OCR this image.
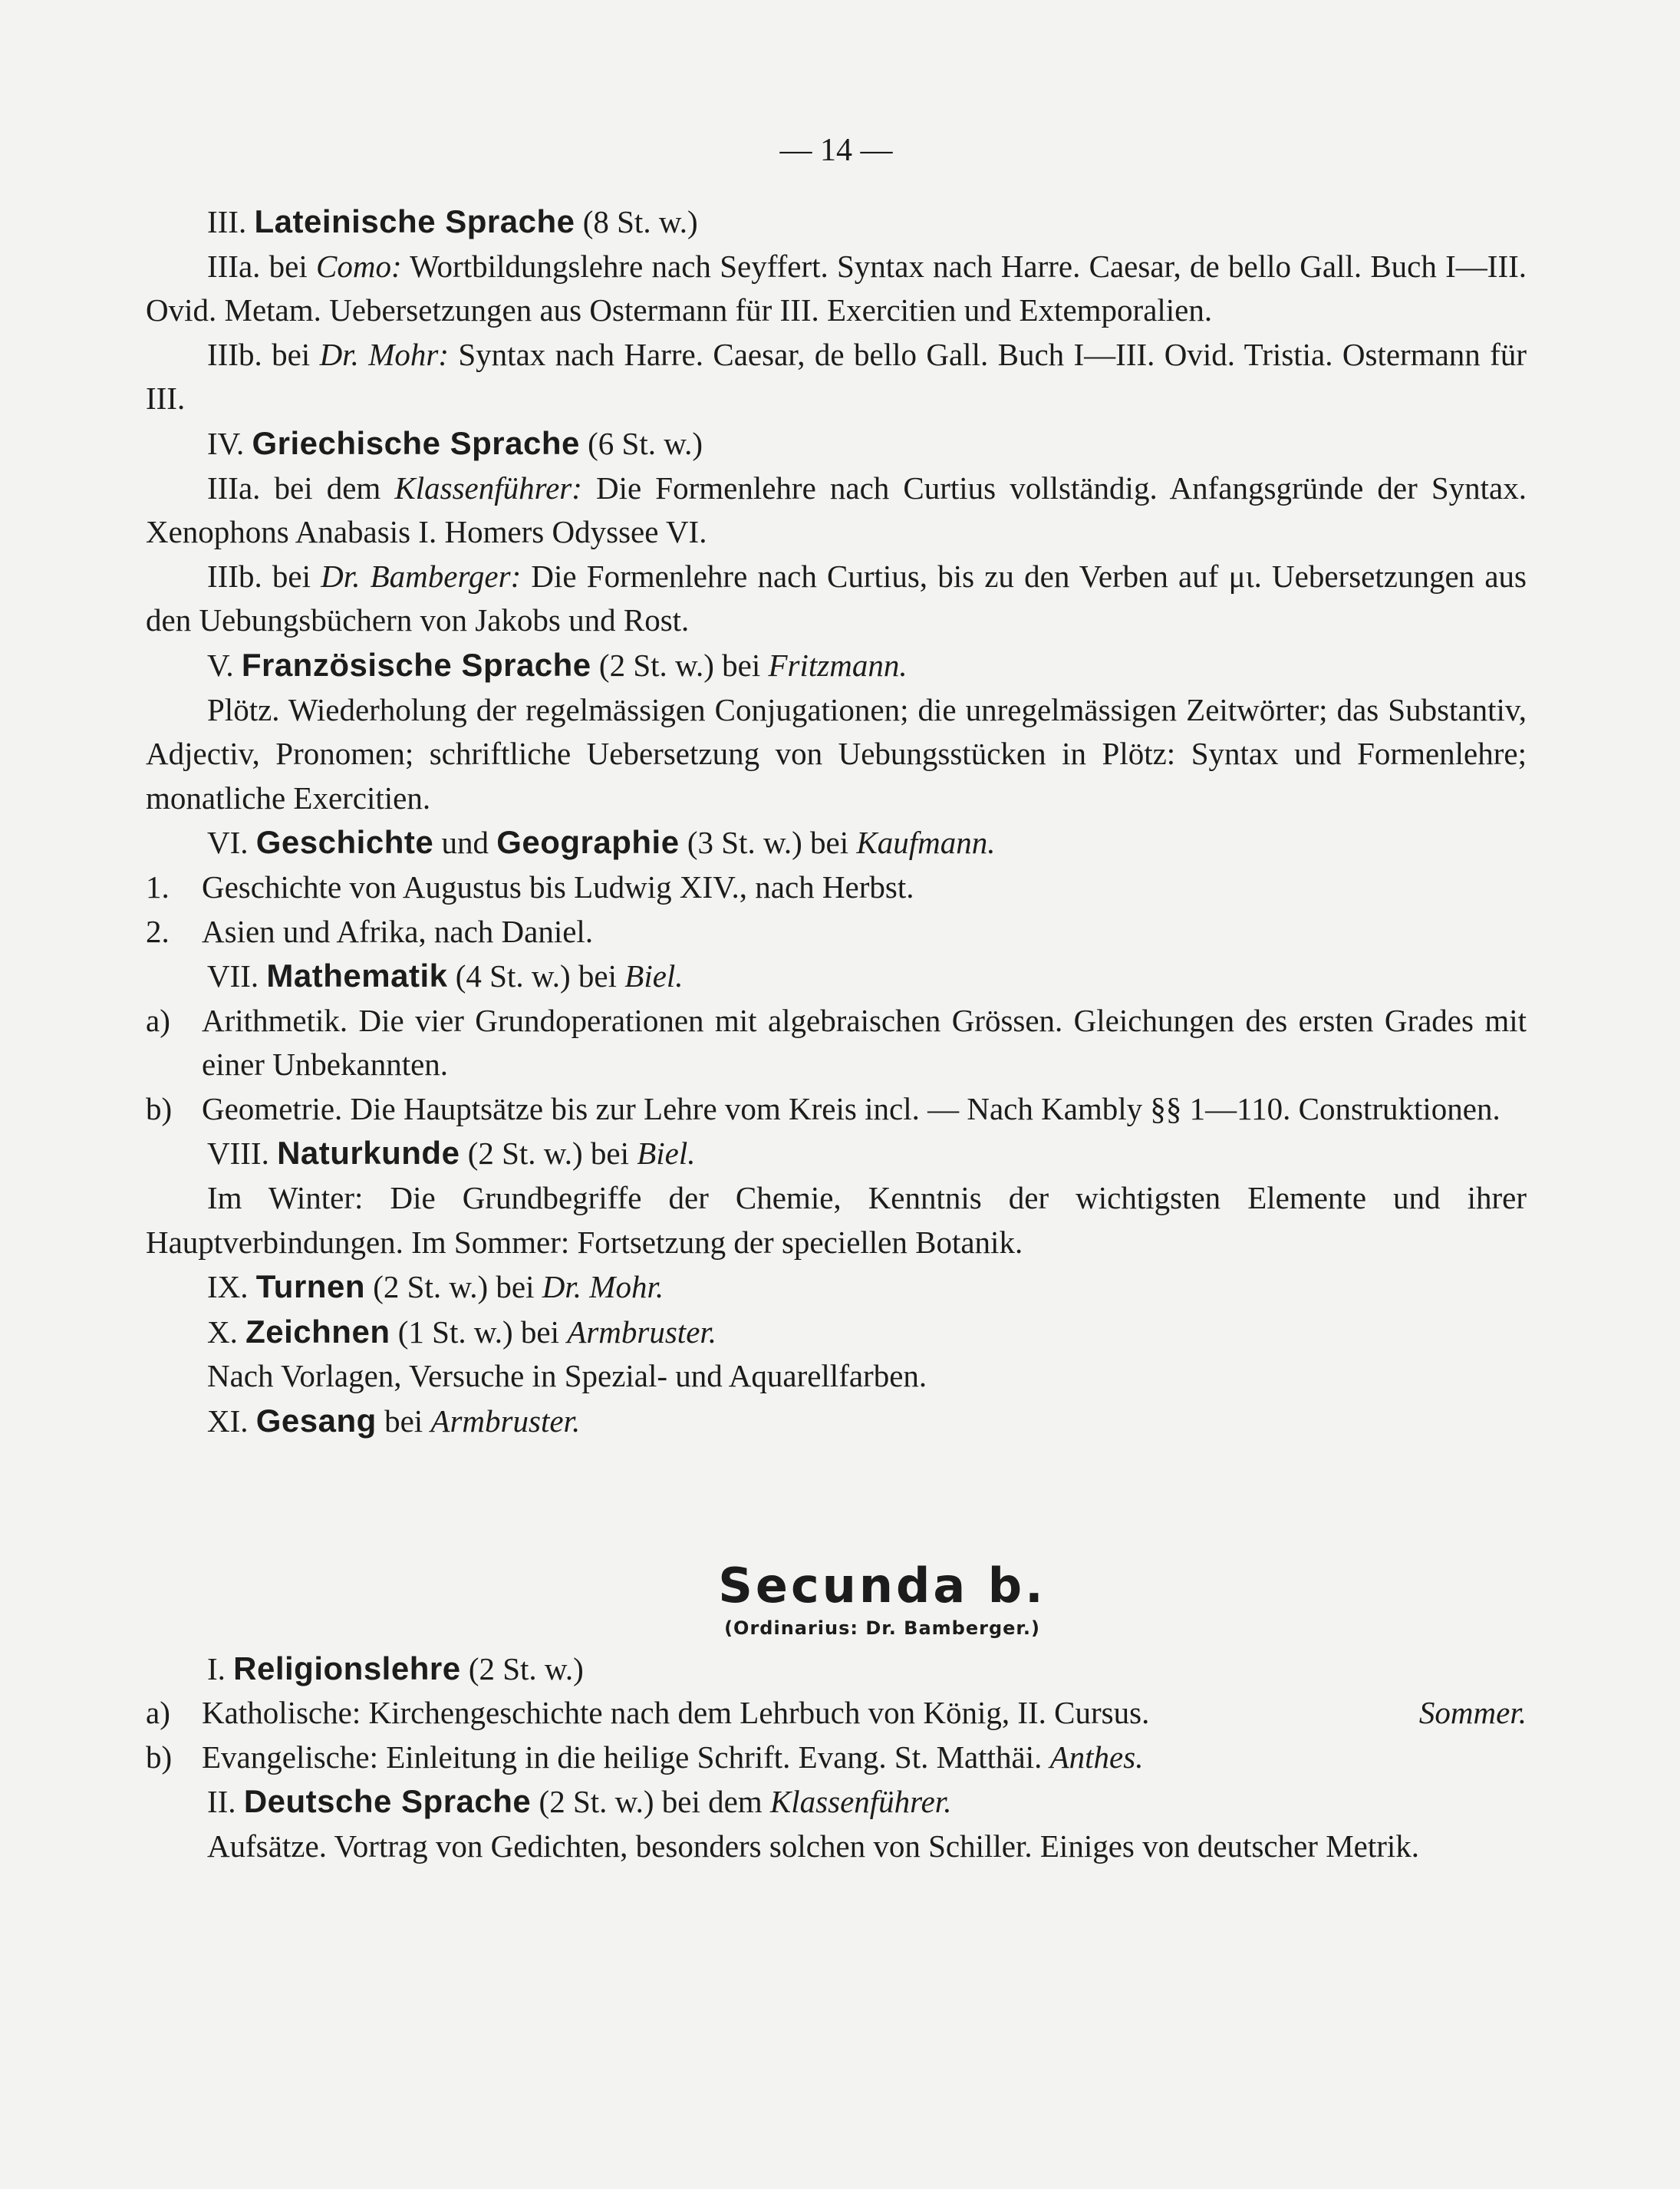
— 14 —

III. Lateinische Sprache (8 St. w.)

IIIa. bei Como: Wortbildungslehre nach Seyffert. Syntax nach Harre. Caesar, de bello Gall. Buch I—III. Ovid. Metam. Uebersetzungen aus Ostermann für III. Exercitien und Extemporalien.

IIIb. bei Dr. Mohr: Syntax nach Harre. Caesar, de bello Gall. Buch I—III. Ovid. Tristia. Ostermann für III.

IV. Griechische Sprache (6 St. w.)

IIIa. bei dem Klassenführer: Die Formenlehre nach Curtius vollständig. Anfangsgründe der Syntax. Xenophons Anabasis I. Homers Odyssee VI.

IIIb. bei Dr. Bamberger: Die Formenlehre nach Curtius, bis zu den Verben auf μι. Uebersetzungen aus den Uebungsbüchern von Jakobs und Rost.

V. Französische Sprache (2 St. w.) bei Fritzmann.

Plötz. Wiederholung der regelmässigen Conjugationen; die unregelmässigen Zeitwörter; das Substantiv, Adjectiv, Pronomen; schriftliche Uebersetzung von Uebungsstücken in Plötz: Syntax und Formenlehre; monatliche Exercitien.

VI. Geschichte und Geographie (3 St. w.) bei Kaufmann.

1.	Geschichte von Augustus bis Ludwig XIV., nach Herbst.
2.	Asien und Afrika, nach Daniel.

VII. Mathematik (4 St. w.) bei Biel.

a)	Arithmetik. Die vier Grundoperationen mit algebraischen Grössen. Gleichungen des ersten Grades mit einer Unbekannten.
b) Geometrie. Die Hauptsätze bis zur Lehre vom Kreis incl. — Nach Kambly §§ 1—110. Construktionen.

VIII. Naturkunde (2 St. w.) bei Biel.

Im Winter: Die Grundbegriffe der Chemie, Kenntnis der wichtigsten Elemente und ihrer Hauptverbindungen. Im Sommer: Fortsetzung der speciellen Botanik.

IX. Turnen (2 St. w.) bei Dr. Mohr.

X. Zeichnen (1 St. w.) bei Armbruster.

Nach Vorlagen, Versuche in Spezial- und Aquarellfarben.

XI. Gesang bei Armbruster.

Secunda b.
(Ordinarius: Dr. Bamberger.)

I. Religionslehre (2 St. w.)

a)	Katholische: Kirchengeschichte nach dem Lehrbuch von König, II. Cursus.	Sommer.
b) Evangelische: Einleitung in die heilige Schrift. Evang. St. Matthäi. Anthes.

II. Deutsche Sprache (2 St. w.) bei dem Klassenführer.

Aufsätze. Vortrag von Gedichten, besonders solchen von Schiller. Einiges von deutscher Metrik.
